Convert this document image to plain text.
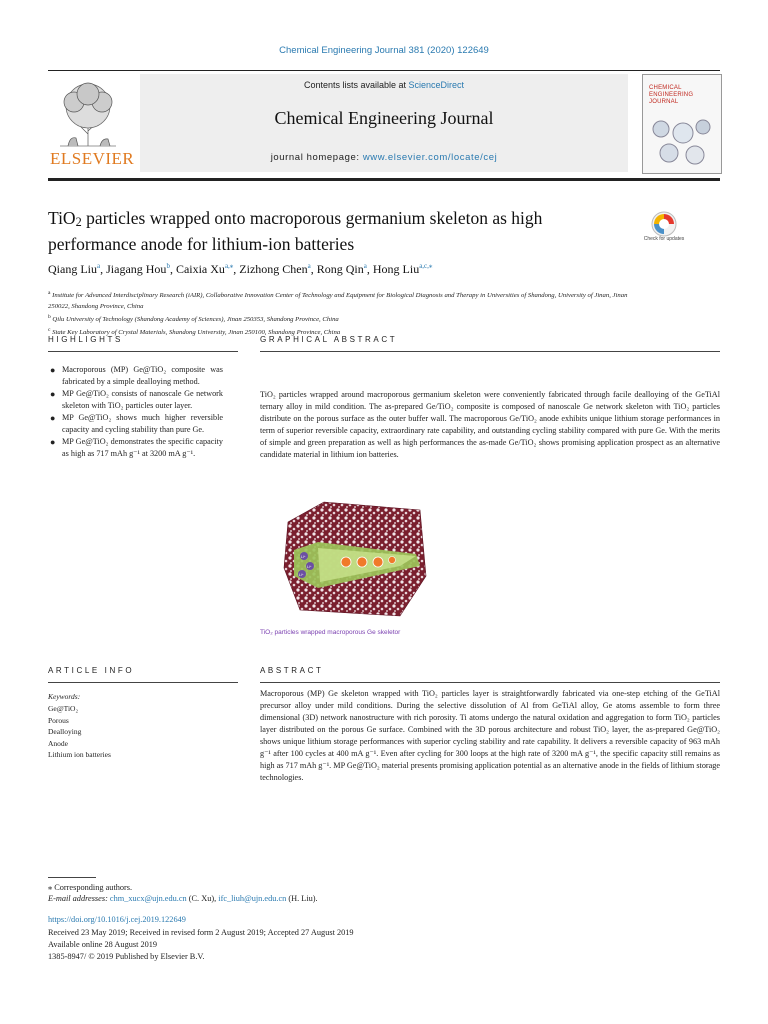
Chemical Engineering Journal 381 (2020) 122649
ELSEVIER
Contents lists available at ScienceDirect
Chemical Engineering Journal
journal homepage: www.elsevier.com/locate/cej
CHEMICAL
ENGINEERING
JOURNAL
TiO$_2$ particles wrapped onto macroporous germanium skeleton as high performance anode for lithium-ion batteries	Check for updates
Qiang Liu$^a$, Jiagang Hou$^b$, Caixia $Xu^{a,⁎}$, Zizhong Chen$^a$, Rong Qin$^a$, Hong Liu$^{a,c,⁎}$
$^a$ Institute for Advanced Interdisciplinary Research (iAIR), Collaborative Innovation Center of Technology and Equipment for Biological Diagnosis and Therapy in Universities of Shandong, University of Jinan, Jinan 250022, Shandong Province, China
$^b$ Qilu University of Technology (Shandong Academy of Sciences), Jinan 250353, Shandong Province, China
$^c$ State Key Laboratory of Crystal Materials, Shandong University, Jinan 250100, Shandong Province, China
HIGHLIGHTS
● Macroporous (MP) Ge@TiO₂ composite was fabricated by a simple dealloying method.
● MP Ge@TiO₂ consists of nanoscale Ge network skeleton with TiO₂ particles outer layer.
● MP Ge@TiO₂ shows much higher reversible capacity and cycling stability than pure Ge.
● MP Ge@TiO₂ demonstrates the specific capacity as high as 717 mAh g⁻¹ at 3200 mA g⁻¹.
GRAPHICAL ABSTRACT
TiO₂ particles wrapped around macroporous germanium skeleton were conveniently fabricated through facile dealloying of the GeTiAl ternary alloy in mild condition. The as-prepared Ge/TiO₂ composite is composed of nanoscale Ge network skeleton with TiO₂ particles distribute on the porous surface as the outer buffer wall. The macroporous Ge/TiO₂ anode exhibits unique lithium storage performances in term of superior reversible capacity, extraordinary rate capability, and outstanding cycling stability compared with pure Ge. With the merits of simple and green preparation as well as high performances the as-made Ge/TiO₂ shows promising application prospect as an alternative candidate material in lithium ion batteries.
Li⁺
Li⁺
Li⁺
TiO₂ particles wrapped macroporous Ge skeletor
ARTICLE INFO
Keywords:
Ge@TiO₂
Porous
Dealloying
Anode
Lithium ion batteries
ABSTRACT
Macroporous (MP) Ge skeleton wrapped with TiO₂ particles layer is straightforwardly fabricated via one-step etching of the GeTiAl precursor alloy under mild conditions. During the selective dissolution of Al from GeTiAl alloy, Ge atoms assemble to form three dimensional (3D) network nanostructure with rich porosity. Ti atoms undergo the natural oxidation and aggregation to form TiO₂ particles layer distributed on the porous Ge surface. Combined with the 3D porous architecture and robust TiO₂ layer, the as-prepared Ge@TiO₂ shows unique lithium storage performances with superior cycling stability and rate capability. It delivers a reversible capacity of 963 mAh g⁻¹ after 100 cycles at 400 mA g⁻¹. Even after cycling for 300 loops at the high rate of 3200 mA g⁻¹, the specific capacity still remains as high as 717 mAh g⁻¹. MP Ge@TiO₂ material presents promising application potential as an alternative anode in the fields of lithium storage technologies.
⁎ Corresponding authors.
E-mail addresses: chm_xucx@ujn.edu.cn (C. Xu), ifc_liuh@ujn.edu.cn (H. Liu).
https://doi.org/10.1016/j.cej.2019.122649
Received 23 May 2019; Received in revised form 2 August 2019; Accepted 27 August 2019
Available online 28 August 2019
1385-8947/ © 2019 Published by Elsevier B.V.
